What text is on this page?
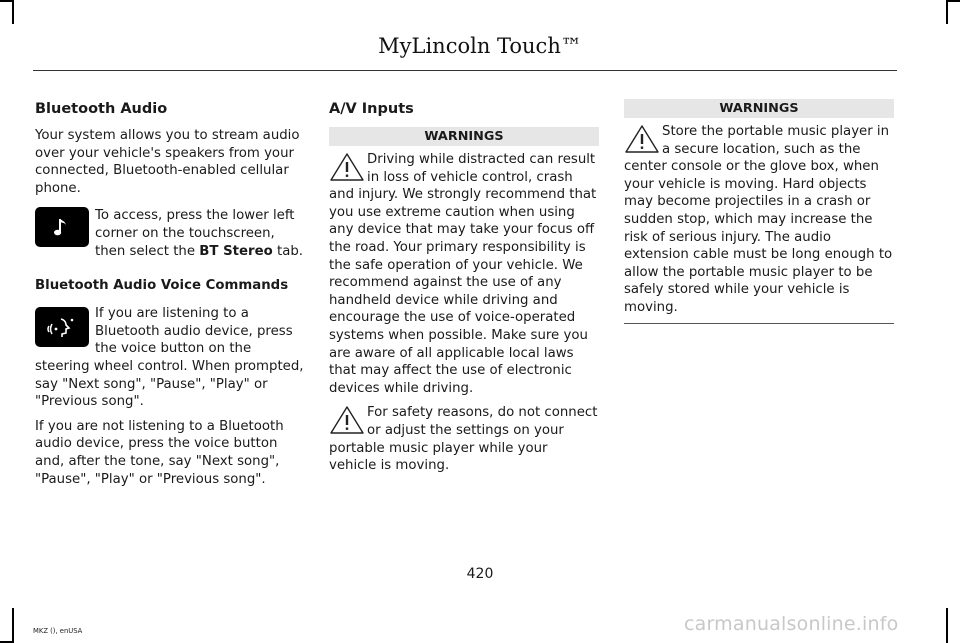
MyLincoln Touch™
Bluetooth Audio

Your system allows you to stream audio over your vehicle's speakers from your connected, Bluetooth-enabled cellular phone.

To access, press the lower left corner on the touchscreen, then select the BT Stereo tab.
Bluetooth Audio Voice Commands

If you are listening to a Bluetooth audio device, press the voice button on the steering wheel control. When prompted, say "Next song", "Pause", "Play" or "Previous song".

If you are not listening to a Bluetooth audio device, press the voice button and, after the tone, say "Next song", "Pause", "Play" or "Previous song".

A/V Inputs
WARNINGS
Driving while distracted can result in loss of vehicle control, crash and injury. We strongly recommend that you use extreme caution when using any device that may take your focus off the road. Your primary responsibility is the safe operation of your vehicle. We recommend against the use of any handheld device while driving and encourage the use of voice-operated systems when possible. Make sure you are aware of all applicable local laws that may affect the use of electronic devices while driving.
For safety reasons, do not connect or adjust the settings on your portable music player while your vehicle is moving.
WARNINGS
Store the portable music player in a secure location, such as the center console or the glove box, when your vehicle is moving. Hard objects may become projectiles in a crash or sudden stop, which may increase the risk of serious injury. The audio extension cable must be long enough to allow the portable music player to be safely stored while your vehicle is moving.
420
MKZ (), enUSA	carmanualsonline.info
